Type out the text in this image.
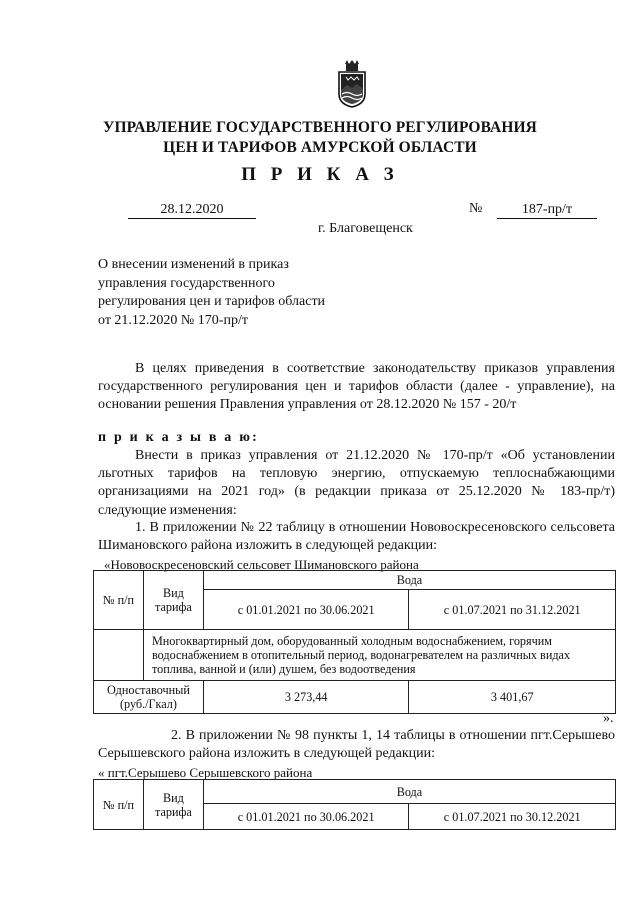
УПРАВЛЕНИЕ ГОСУДАРСТВЕННОГО РЕГУЛИРОВАНИЯ
ЦЕН И ТАРИФОВ АМУРСКОЙ ОБЛАСТИ
П Р И К А З
28.12.2020	№	187-пр/т
г. Благовещенск
О внесении изменений в приказ
управления государственного
регулирования цен и тарифов области
от 21.12.2020 № 170-пр/т
В целях приведения в соответствие законодательству приказов управления государственного регулирования цен и тарифов области (далее - управление), на основании решения Правления управления от 28.12.2020 № 157 - 20/т
п р и к а з ы в а ю:
Внести в приказ управления от 21.12.2020 № 170-пр/т «Об установлении льготных тарифов на тепловую энергию, отпускаемую теплоснабжающими организациями на 2021 год» (в редакции приказа от 25.12.2020 № 183-пр/т) следующие изменения:
1. В приложении № 22 таблицу в отношении Нововоскресеновского сельсовета Шимановского района изложить в следующей редакции:
«Нововоскресеновский сельсовет Шимановского района
№ п/п	Вид тарифа	Вода	
		с 01.01.2021 по 30.06.2021	с 01.07.2021 по 31.12.2021
	Многоквартирный дом, оборудованный холодным водоснабжением, горячим водоснабжением в отопительный период, водонагревателем на различных видах топлива, ванной и (или) душем, без водоотведения		
Одноставочный (руб./Гкал)		3 273,44	3 401,67
».
2. В приложении № 98 пункты 1, 14 таблицы в отношении пгт.Серышево Серышевского района изложить в следующей редакции:
« пгт.Серышево Серышевского района
№ п/п	Вид тарифа	Вода	
		с 01.01.2021 по 30.06.2021	с 01.07.2021 по 30.12.2021
